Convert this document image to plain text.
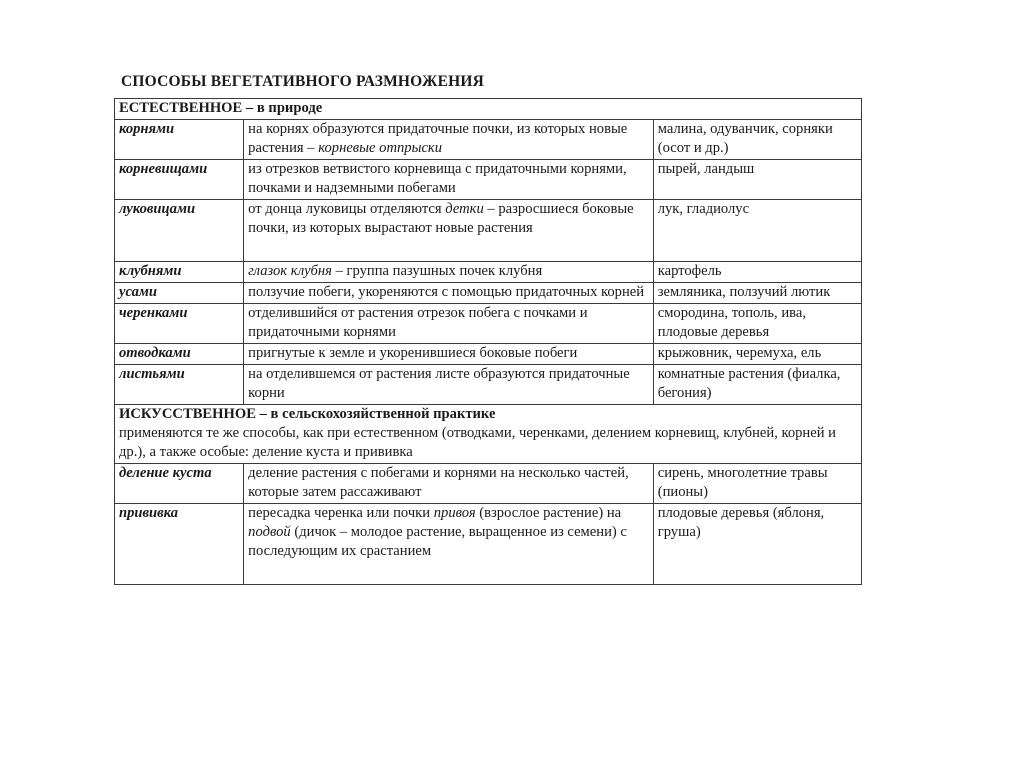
СПОСОБЫ ВЕГЕТАТИВНОГО РАЗМНОЖЕНИЯ
ЕСТЕСТВЕННОЕ – в природе		
корнями	на корнях образуются придаточные почки, из которых новые растения – корневые отпрыски	малина, одуванчик, сорняки (осот и др.)
корневищами	из отрезков ветвистого корневища с придаточными корнями, почками и надземными побегами	пырей, ландыш
луковицами	от донца луковицы отделяются детки – разросшиеся боковые почки, из которых вырастают новые растения	лук, гладиолус
клубнями	глазок клубня – группа пазушных почек клубня	картофель
усами	ползучие побеги, укореняются с помощью придаточных корней	земляника, ползучий лютик
черенками	отделившийся от растения отрезок побега с почками и придаточными корнями	смородина, тополь, ива, плодовые деревья
отводками	пригнутые к земле и укоренившиеся боковые побеги	крыжовник, черемуха, ель
листьями	на отделившемся от растения листе образуются придаточные корни	комнатные растения (фиалка, бегония)

ИСКУССТВЕННОЕ – в сельскохозяйственной практике
применяются те же способы, как при естественном (отводками, черенками, делением корневищ, клубней, корней и др.), а также особые: деление куста и прививка		

деление куста	деление растения с побегами и корнями на несколько частей, которые затем рассаживают	сирень, многолетние травы (пионы)
прививка	пересадка черенка или почки привоя (взрослое растение) на подвой (дичок – молодое растение, выращенное из семени) с последующим их срастанием	плодовые деревья (яблоня, груша)
